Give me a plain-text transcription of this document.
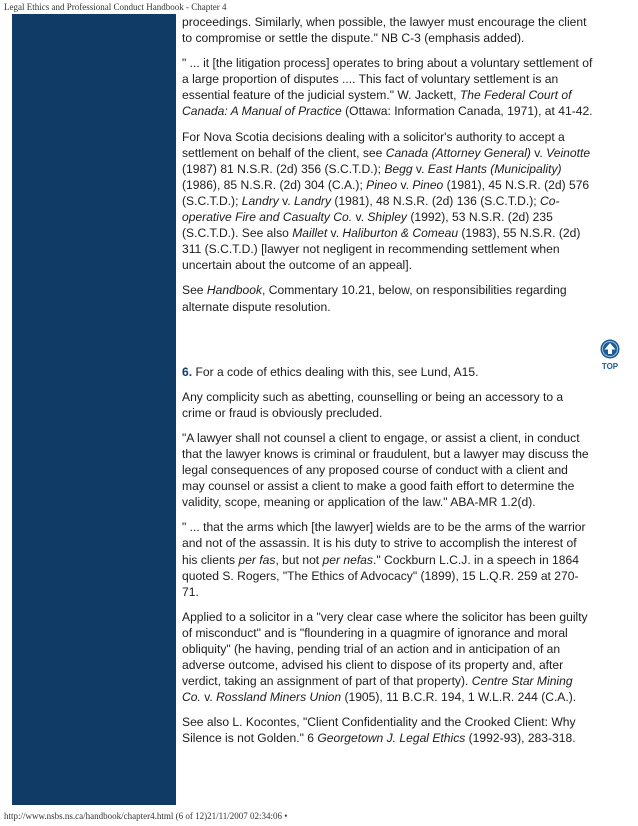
Legal Ethics and Professional Conduct Handbook - Chapter 4

proceedings. Similarly, when possible, the lawyer must encourage the client to compromise or settle the dispute." NB C-3 (emphasis added).

" ... it [the litigation process] operates to bring about a voluntary settlement of a large proportion of disputes .... This fact of voluntary settlement is an essential feature of the judicial system." W. Jackett, The Federal Court of Canada: A Manual of Practice (Ottawa: Information Canada, 1971), at 41-42.

For Nova Scotia decisions dealing with a solicitor's authority to accept a settlement on behalf of the client, see Canada (Attorney General) v. Veinotte (1987) 81 N.S.R. (2d) 356 (S.C.T.D.); Begg v. East Hants (Municipality) (1986), 85 N.S.R. (2d) 304 (C.A.); Pineo v. Pineo (1981), 45 N.S.R. (2d) 576 (S.C.T.D.); Landry v. Landry (1981), 48 N.S.R. (2d) 136 (S.C.T.D.); Co-operative Fire and Casualty Co. v. Shipley (1992), 53 N.S.R. (2d) 235 (S.C.T.D.). See also Maillet v. Haliburton & Comeau (1983), 55 N.S.R. (2d) 311 (S.C.T.D.) [lawyer not negligent in recommending settlement when uncertain about the outcome of an appeal].

See Handbook, Commentary 10.21, below, on responsibilities regarding alternate dispute resolution.

6. For a code of ethics dealing with this, see Lund, A15.

Any complicity such as abetting, counselling or being an accessory to a crime or fraud is obviously precluded.

"A lawyer shall not counsel a client to engage, or assist a client, in conduct that the lawyer knows is criminal or fraudulent, but a lawyer may discuss the legal consequences of any proposed course of conduct with a client and may counsel or assist a client to make a good faith effort to determine the validity, scope, meaning or application of the law." ABA-MR 1.2(d).

" ... that the arms which [the lawyer] wields are to be the arms of the warrior and not of the assassin. It is his duty to strive to accomplish the interest of his clients per fas, but not per nefas." Cockburn L.C.J. in a speech in 1864 quoted S. Rogers, "The Ethics of Advocacy" (1899), 15 L.Q.R. 259 at 270-71.

Applied to a solicitor in a "very clear case where the solicitor has been guilty of misconduct" and is "floundering in a quagmire of ignorance and moral obliquity" (he having, pending trial of an action and in anticipation of an adverse outcome, advised his client to dispose of its property and, after verdict, taking an assignment of part of that property). Centre Star Mining Co. v. Rossland Miners Union (1905), 11 B.C.R. 194, 1 W.L.R. 244 (C.A.).

See also L. Kocontes, "Client Confidentiality and the Crooked Client: Why Silence is not Golden." 6 Georgetown J. Legal Ethics (1992-93), 283-318.

TOP
http://www.nsbs.ns.ca/handbook/chapter4.html (6 of 12)21/11/2007 02:34:06 •
